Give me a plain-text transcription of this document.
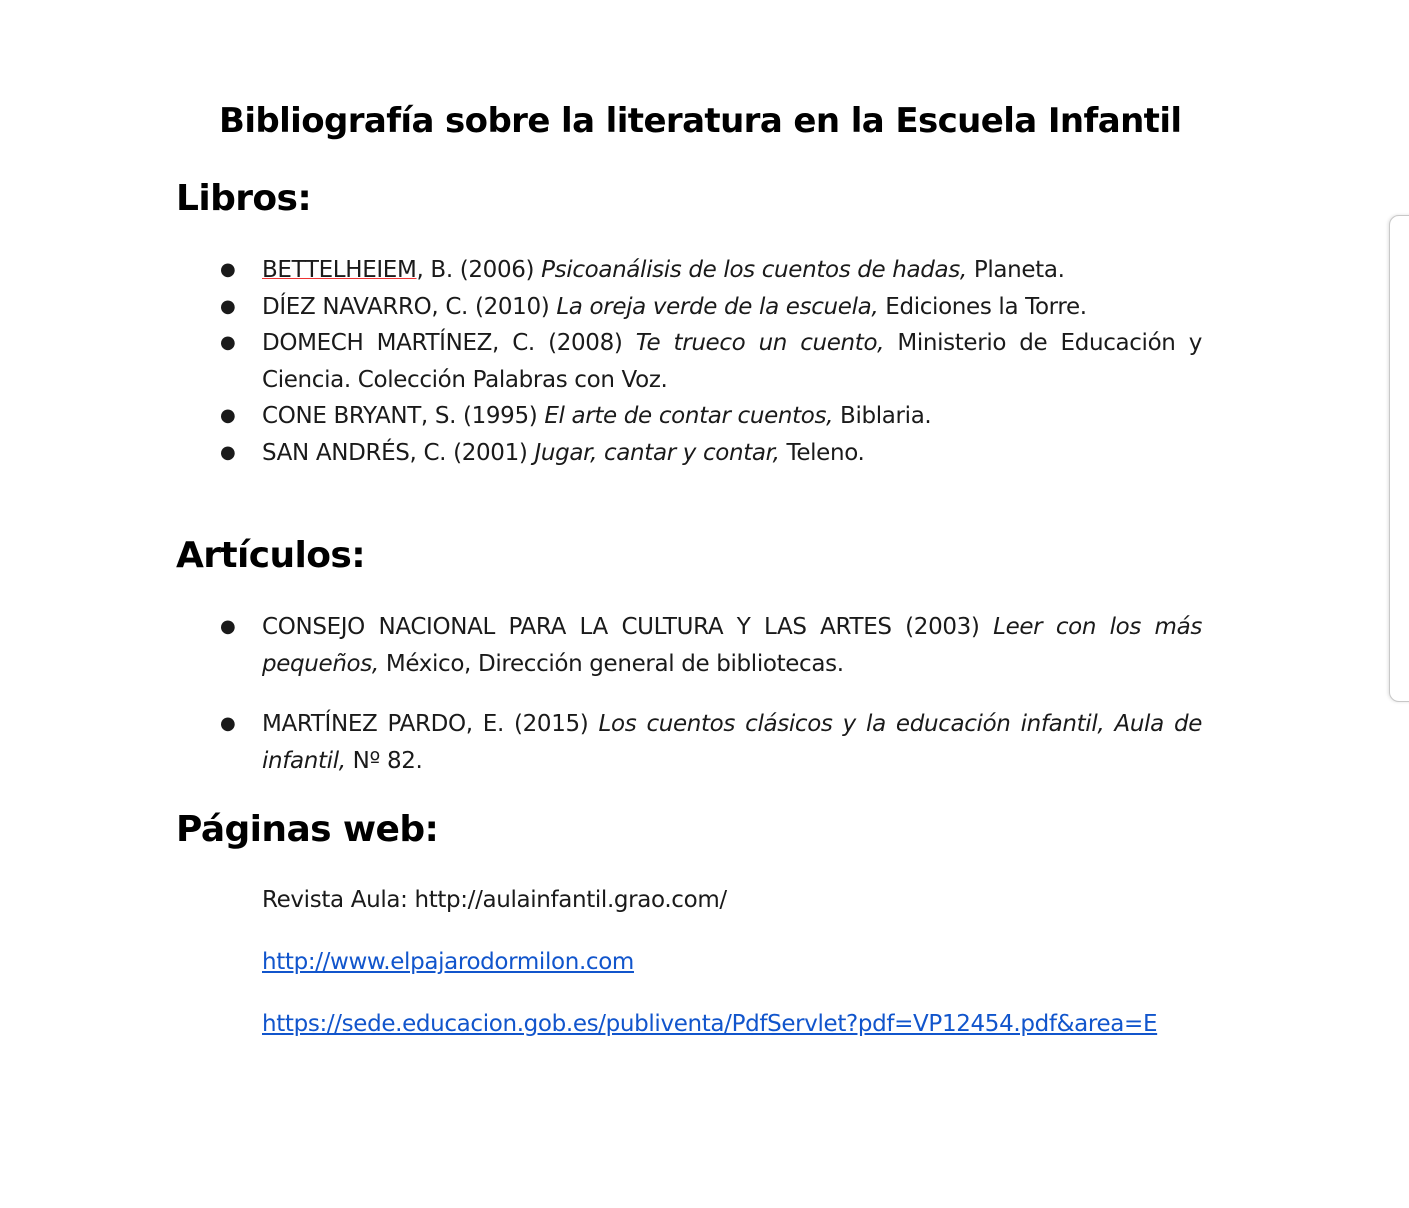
Bibliografía sobre la literatura en la Escuela Infantil
Libros:
● BETTELHEIEM, B. (2006) Psicoanálisis de los cuentos de hadas, Planeta.
● DÍEZ NAVARRO, C. (2010) La oreja verde de la escuela, Ediciones la Torre.
● DOMECH MARTÍNEZ, C. (2008) Te trueco un cuento, Ministerio de Educación y Ciencia. Colección Palabras con Voz.
● CONE BRYANT, S. (1995) El arte de contar cuentos, Biblaria.
● SAN ANDRÉS, C. (2001) Jugar, cantar y contar, Teleno.
Artículos:
● CONSEJO NACIONAL PARA LA CULTURA Y LAS ARTES (2003) Leer con los más pequeños, México, Dirección general de bibliotecas.
● MARTÍNEZ PARDO, E. (2015) Los cuentos clásicos y la educación infantil, Aula de infantil, Nº 82.
Páginas web:

Revista Aula: http://aulainfantil.grao.com/

http://www.elpajarodormilon.com

https://sede.educacion.gob.es/publiventa/PdfServlet?pdf=VP12454.pdf&area=E
